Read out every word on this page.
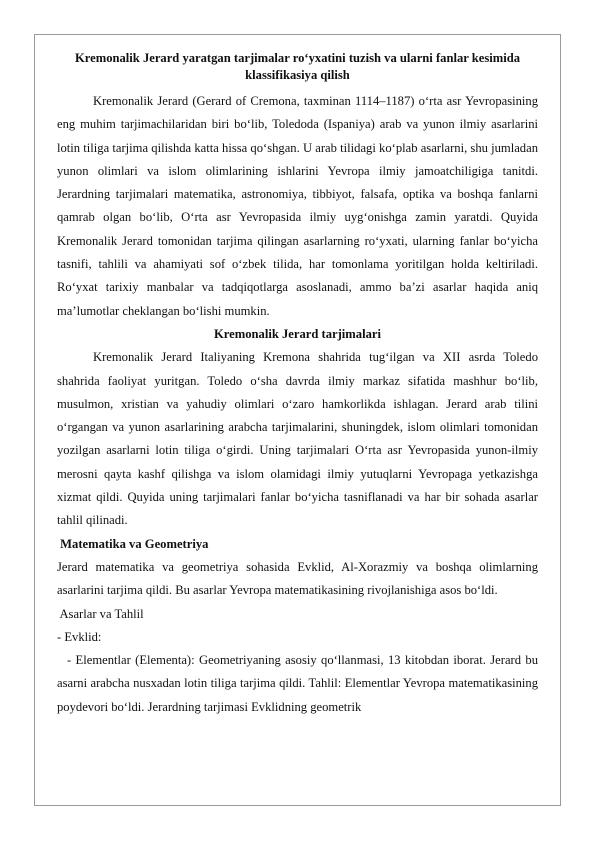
Kremonalik Jerard yaratgan tarjimalar ro‘yxatini tuzish va ularni fanlar kesimida klassifikasiya qilish

Kremonalik Jerard (Gerard of Cremona, taxminan 1114–1187) o‘rta asr Yevropasining eng muhim tarjimachilaridan biri bo‘lib, Toledoda (Ispaniya) arab va yunon ilmiy asarlarini lotin tiliga tarjima qilishda katta hissa qo‘shgan. U arab tilidagi ko‘plab asarlarni, shu jumladan yunon olimlari va islom olimlarining ishlarini Yevropa ilmiy jamoatchiligiga tanitdi. Jerardning tarjimalari matematika, astronomiya, tibbiyot, falsafa, optika va boshqa fanlarni qamrab olgan bo‘lib, O‘rta asr Yevropasida ilmiy uyg‘onishga zamin yaratdi. Quyida Kremonalik Jerard tomonidan tarjima qilingan asarlarning ro‘yxati, ularning fanlar bo‘yicha tasnifi, tahlili va ahamiyati sof o‘zbek tilida, har tomonlama yoritilgan holda keltiriladi. Ro‘yxat tarixiy manbalar va tadqiqotlarga asoslanadi, ammo ba’zi asarlar haqida aniq ma’lumotlar cheklangan bo‘lishi mumkin.

Kremonalik Jerard tarjimalari

Kremonalik Jerard Italiyaning Kremona shahrida tug‘ilgan va XII asrda Toledo shahrida faoliyat yuritgan. Toledo o‘sha davrda ilmiy markaz sifatida mashhur bo‘lib, musulmon, xristian va yahudiy olimlari o‘zaro hamkorlikda ishlagan. Jerard arab tilini o‘rgangan va yunon asarlarining arabcha tarjimalarini, shuningdek, islom olimlari tomonidan yozilgan asarlarni lotin tiliga o‘girdi. Uning tarjimalari O‘rta asr Yevropasida yunon-ilmiy merosni qayta kashf qilishga va islom olamidagi ilmiy yutuqlarni Yevropaga yetkazishga xizmat qildi. Quyida uning tarjimalari fanlar bo‘yicha tasniflanadi va har bir sohada asarlar tahlil qilinadi.

Matematika va Geometriya

Jerard matematika va geometriya sohasida Evklid, Al-Xorazmiy va boshqa olimlarning asarlarini tarjima qildi. Bu asarlar Yevropa matematikasining rivojlanishiga asos bo‘ldi.

Asarlar va Tahlil

- Evklid:

- Elementlar (Elementa): Geometriyaning asosiy qo‘llanmasi, 13 kitobdan iborat. Jerard bu asarni arabcha nusxadan lotin tiliga tarjima qildi. Tahlil: Elementlar Yevropa matematikasining poydevori bo‘ldi. Jerardning tarjimasi Evklidning geometrik
